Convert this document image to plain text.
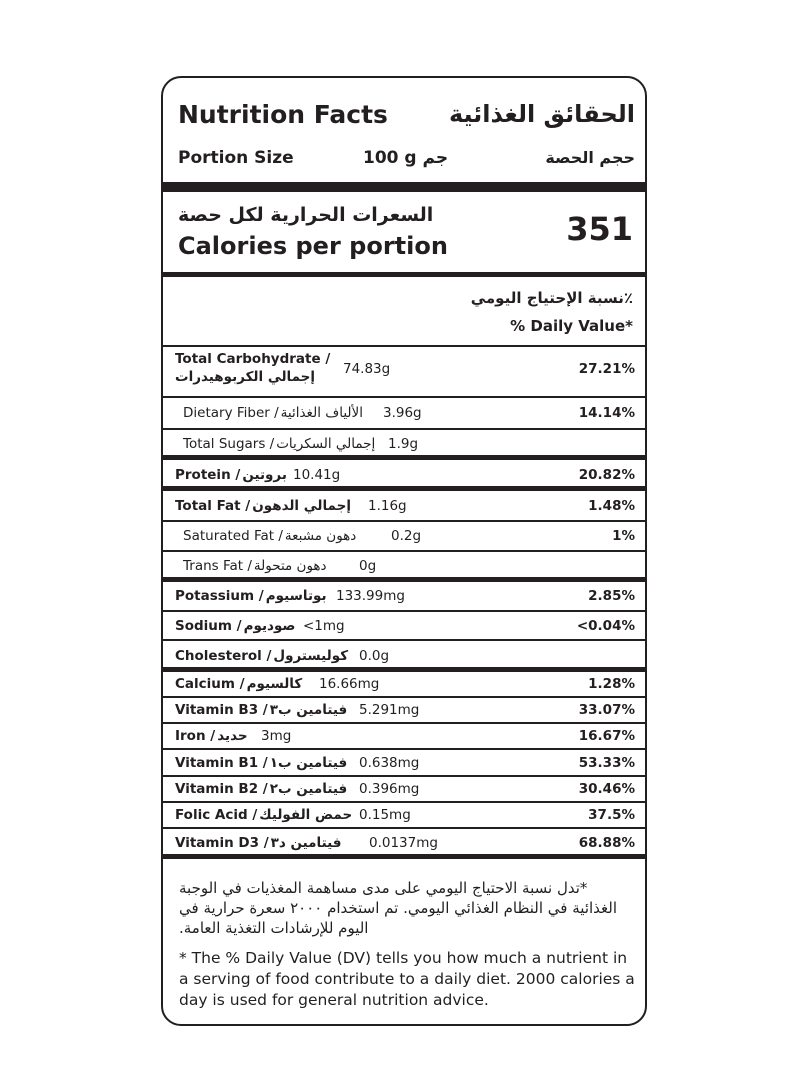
Nutrition Facts	الحقائق الغذائية
Portion Size	100 g جم	حجم الحصة
السعرات الحرارية لكل حصة
Calories per portion	351
٪نسبة الإحتياج اليومي
% Daily Value*
Total Carbohydrate /
إجمالي الكربوهيدرات	74.83g	27.21%
Dietary Fiber / الألياف الغذائية 3.96g	14.14%
Total Sugars / إجمالي السكريات 1.9g
Protein / بروتين 10.41g	20.82%
Total Fat / إجمالي الدهون 1.16g	1.48%
Saturated Fat / دهون مشبعة	0.2g	1%
Trans Fat / دهون متحولة 0g
Potassium / بوتاسيوم 133.99mg	2.85%
Sodium / صوديوم <1mg	<0.04%
Cholesterol / كوليسترول 0.0g
Calcium / كالسيوم 16.66mg	1.28%
Vitamin B3 / فيتامين ب٣ 5.291mg	33.07%
Iron / حديد 3mg	16.67%
Vitamin B1 / فيتامين ب١ 0.638mg	53.33%
Vitamin B2 / فيتامين ب٢ 0.396mg	30.46%
Folic Acid / حمض الفوليك 0.15mg	37.5%
Vitamin D3 / فيتامين د٣ 0.0137mg	68.88%
*تدل نسبة الاحتياج اليومي على مدى مساهمة المغذيات في الوجبة الغذائية في النظام الغذائي اليومي. تم استخدام ٢٠٠٠ سعرة حرارية في اليوم للإرشادات التغذية العامة.
* The % Daily Value (DV) tells you how much a nutrient in a serving of food contribute to a daily diet. 2000 calories a day is used for general nutrition advice.
